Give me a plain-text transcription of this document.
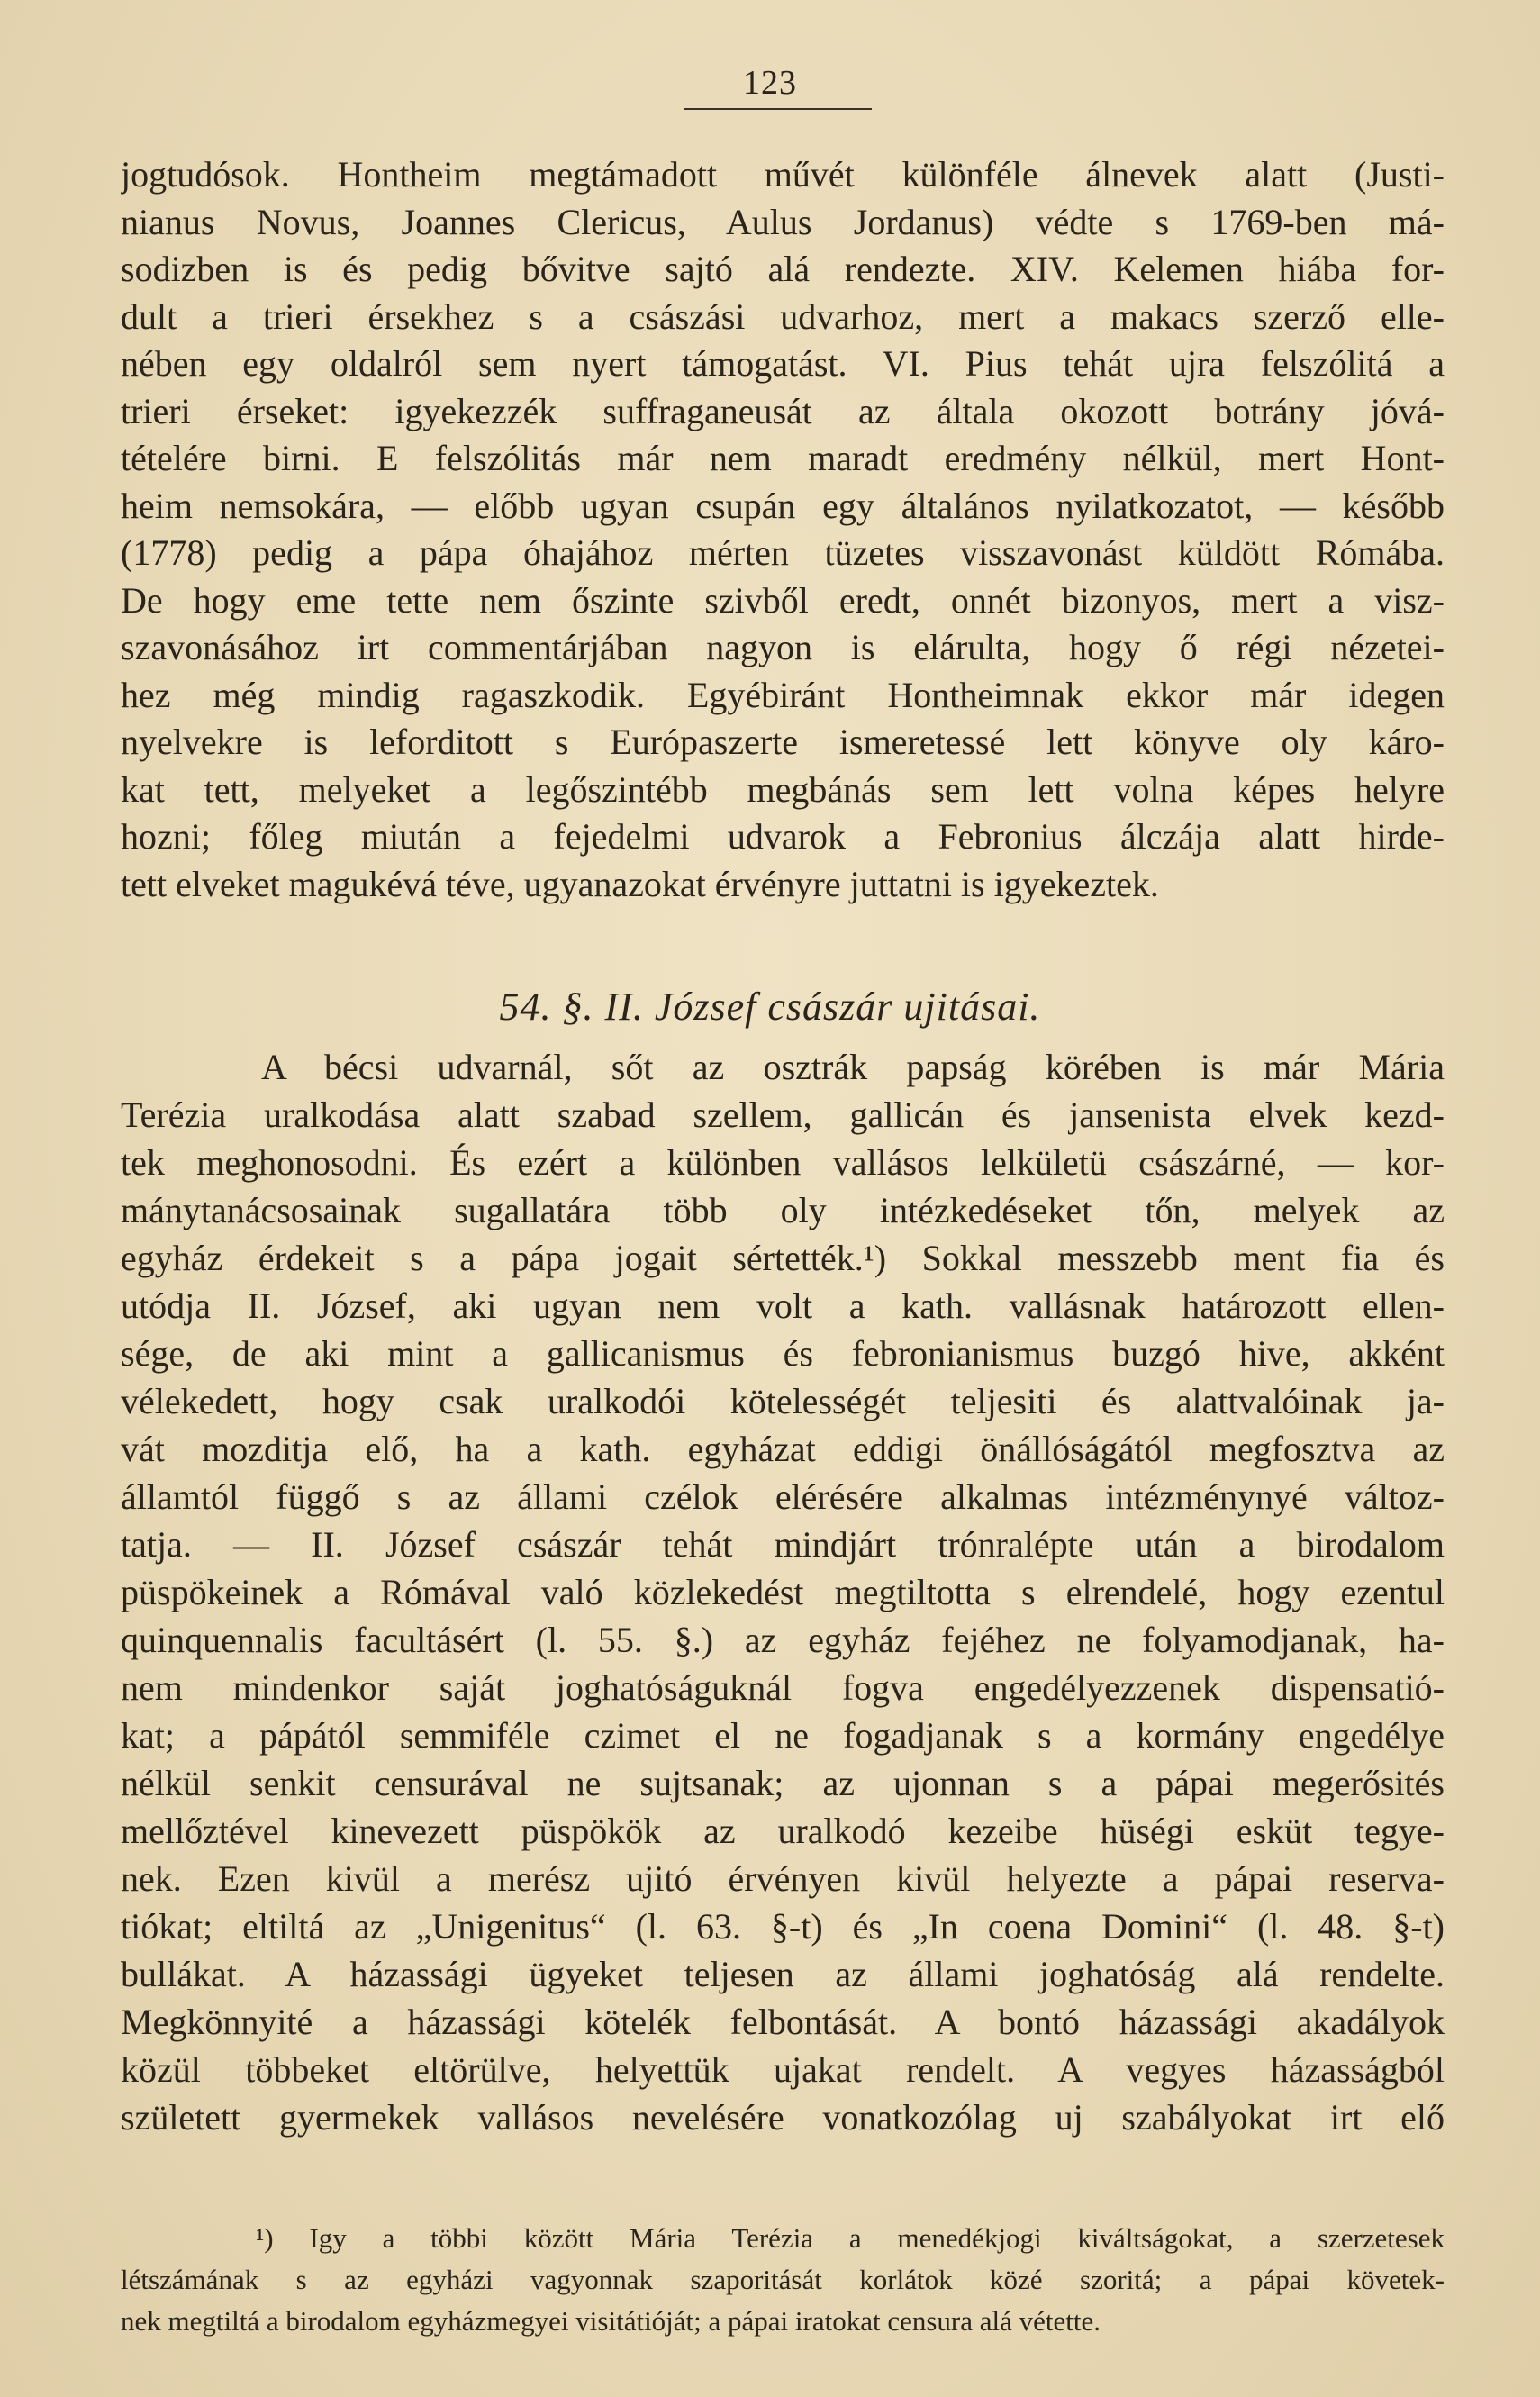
123
jogtudósok. Hontheim megtámadott művét különféle álnevek alatt (Justi-
nianus Novus, Joannes Clericus, Aulus Jordanus) védte s 1769-ben má-
sodizben is és pedig bővitve sajtó alá rendezte. XIV. Kelemen hiába for-
dult a trieri érsekhez s a császási udvarhoz, mert a makacs szerző elle-
nében egy oldalról sem nyert támogatást. VI. Pius tehát ujra felszólitá a
trieri érseket: igyekezzék suffraganeusát az általa okozott botrány jóvá-
tételére birni. E felszólitás már nem maradt eredmény nélkül, mert Hont-
heim nemsokára, — előbb ugyan csupán egy általános nyilatkozatot, — később
(1778) pedig a pápa óhajához mérten tüzetes visszavonást küldött Rómába.
De hogy eme tette nem őszinte szivből eredt, onnét bizonyos, mert a visz-
szavonásához irt commentárjában nagyon is elárulta, hogy ő régi nézetei-
hez még mindig ragaszkodik. Egyébiránt Hontheimnak ekkor már idegen
nyelvekre is leforditott s Európaszerte ismeretessé lett könyve oly káro-
kat tett, melyeket a legőszintébb megbánás sem lett volna képes helyre
hozni; főleg miután a fejedelmi udvarok a Febronius álczája alatt hirde-
tett elveket magukévá téve, ugyanazokat érvényre juttatni is igyekeztek.
54. §. II. József császár ujitásai.
A bécsi udvarnál, sőt az osztrák papság körében is már Mária
Terézia uralkodása alatt szabad szellem, gallicán és jansenista elvek kezd-
tek meghonosodni. És ezért a különben vallásos lelkületü császárné, — kor-
mánytanácsosainak sugallatára több oly intézkedéseket tőn, melyek az
egyház érdekeit s a pápa jogait sértették.¹) Sokkal messzebb ment fia és
utódja II. József, aki ugyan nem volt a kath. vallásnak határozott ellen-
sége, de aki mint a gallicanismus és febronianismus buzgó hive, akként
vélekedett, hogy csak uralkodói kötelességét teljesiti és alattvalóinak ja-
vát mozditja elő, ha a kath. egyházat eddigi önállóságától megfosztva az
államtól függő s az állami czélok elérésére alkalmas intézménynyé változ-
tatja. — II. József császár tehát mindjárt trónralépte után a birodalom
püspökeinek a Rómával való közlekedést megtiltotta s elrendelé, hogy ezentul
quinquennalis facultásért (l. 55. §.) az egyház fejéhez ne folyamodjanak, ha-
nem mindenkor saját joghatóságuknál fogva engedélyezzenek dispensatió-
kat; a pápától semmiféle czimet el ne fogadjanak s a kormány engedélye
nélkül senkit censurával ne sujtsanak; az ujonnan s a pápai megerősités
mellőztével kinevezett püspökök az uralkodó kezeibe hüségi esküt tegye-
nek. Ezen kivül a merész ujitó érvényen kivül helyezte a pápai reserva-
tiókat; eltiltá az „Unigenitus“ (l. 63. §-t) és „In coena Domini“ (l. 48. §-t)
bullákat. A házassági ügyeket teljesen az állami joghatóság alá rendelte.
Megkönnyité a házassági kötelék felbontását. A bontó házassági akadályok
közül többeket eltörülve, helyettük ujakat rendelt. A vegyes házasságból
született gyermekek vallásos nevelésére vonatkozólag uj szabályokat irt elő
¹) Igy a többi között Mária Terézia a menedékjogi kiváltságokat, a szerzetesek
létszámának s az egyházi vagyonnak szaporitását korlátok közé szoritá; a pápai követek-
nek megtiltá a birodalom egyházmegyei visitátióját; a pápai iratokat censura alá vétette.
